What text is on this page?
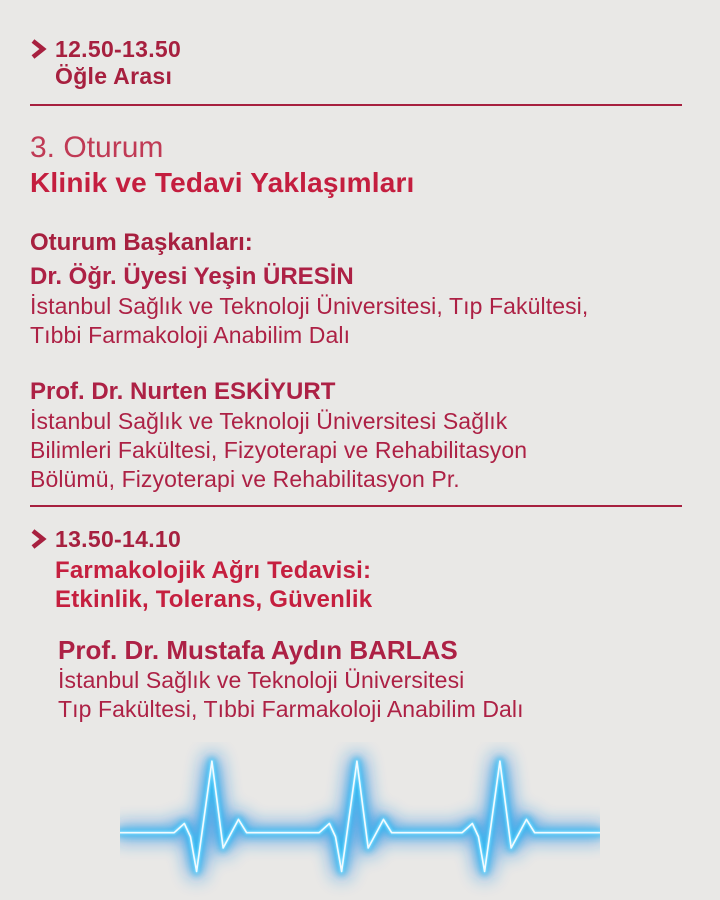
12.50-13.50
Öğle Arası
3. Oturum
Klinik ve Tedavi Yaklaşımları
Oturum Başkanları:
Dr. Öğr. Üyesi Yeşin ÜRESİN
İstanbul Sağlık ve Teknoloji Üniversitesi, Tıp Fakültesi,
Tıbbi Farmakoloji Anabilim Dalı
Prof. Dr. Nurten ESKİYURT
İstanbul Sağlık ve Teknoloji Üniversitesi Sağlık
Bilimleri Fakültesi, Fizyoterapi ve Rehabilitasyon
Bölümü, Fizyoterapi ve Rehabilitasyon Pr.
13.50-14.10
Farmakolojik Ağrı Tedavisi:
Etkinlik, Tolerans, Güvenlik
Prof. Dr. Mustafa Aydın BARLAS
İstanbul Sağlık ve Teknoloji Üniversitesi
Tıp Fakültesi, Tıbbi Farmakoloji Anabilim Dalı
